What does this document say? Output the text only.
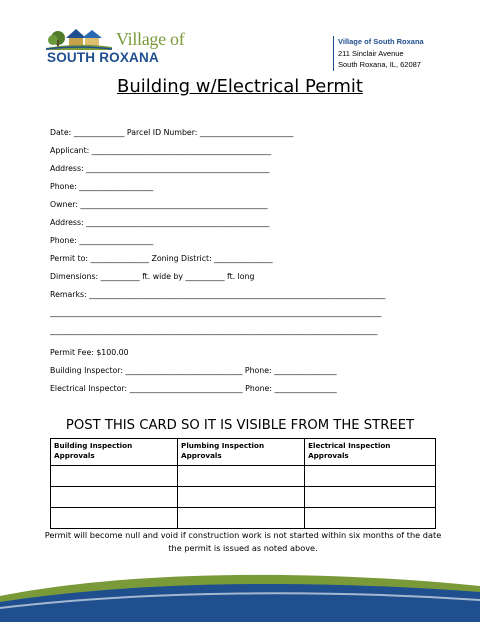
Village of
SOUTH ROXANA
Village of South Roxana
211 Sinclair Avenue
South Roxana, IL, 62087
Building w/Electrical Permit
Date: _____________ Parcel ID Number: ________________________
Applicant: ______________________________________________
Address: _______________________________________________
Phone: ___________________
Owner: ________________________________________________
Address: _______________________________________________
Phone: ___________________
Permit to: _______________ Zoning District: _______________
Dimensions: __________ ft. wide by __________ ft. long
Remarks: ____________________________________________________________________________
_____________________________________________________________________________________
____________________________________________________________________________________
Permit Fee: $100.00
Building Inspector: ______________________________ Phone: ________________
Electrical Inspector: _____________________________ Phone: ________________
POST THIS CARD SO IT IS VISIBLE FROM THE STREET
Building Inspection Approvals	Plumbing Inspection Approvals	Electrical Inspection Approvals

Permit will become null and void if construction work is not started within six months of the date the permit is issued as noted above.
